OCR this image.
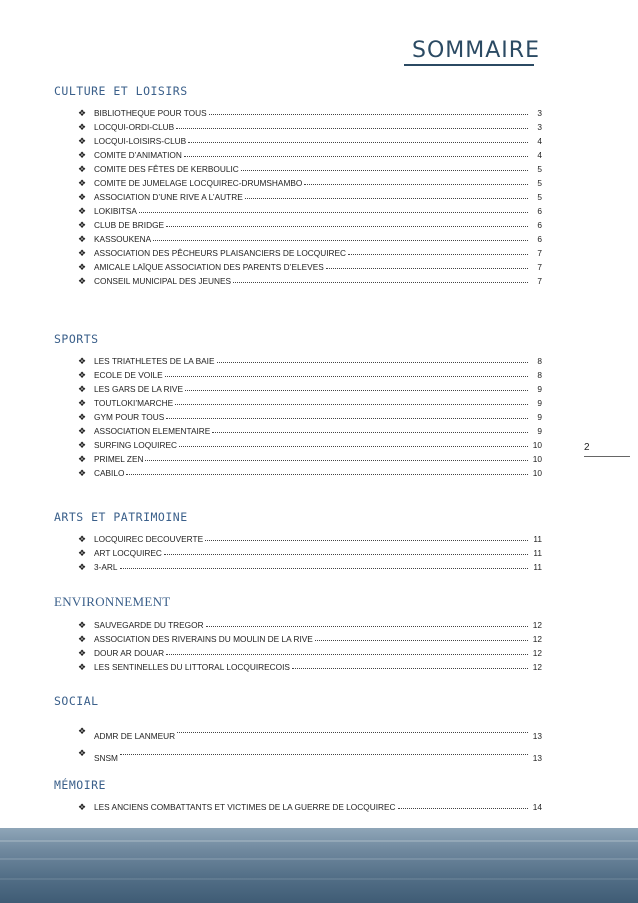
SOMMAIRE
2
CULTURE ET LOISIRS
❖ BIBLIOTHEQUE POUR TOUS	3
❖ LOCQUI-ORDI-CLUB	3
❖ LOCQUI-LOISIRS-CLUB	4
❖ COMITE D’ANIMATION	4
❖ COMITE DES FÊTES DE KERBOULIC	5
❖ COMITE DE JUMELAGE LOCQUIREC-DRUMSHAMBO	5
❖ ASSOCIATION D’UNE RIVE A L’AUTRE	5
❖ LOKIBITSA	6
❖ CLUB DE BRIDGE	6
❖ KASSOUKENA	6
❖ ASSOCIATION DES PÊCHEURS PLAISANCIERS DE LOCQUIREC	7
❖ AMICALE LAÏQUE ASSOCIATION DES PARENTS D’ELEVES	7
❖ CONSEIL MUNICIPAL DES JEUNES	7
SPORTS
❖ LES TRIATHLETES DE LA BAIE	8
❖ ECOLE DE VOILE	8
❖ LES GARS DE LA RIVE	9
❖ TOUTLOKI’MARCHE	9
❖ GYM POUR TOUS	9
❖ ASSOCIATION ELEMENTAIRE	9
❖ SURFING LOQUIREC	10
❖ PRIMEL ZEN	10
❖ CABILO	10
ARTS ET PATRIMOINE
❖ LOCQUIREC DECOUVERTE	11
❖ ART LOCQUIREC	11
❖ 3-ARL	11
ENVIRONNEMENT
❖ SAUVEGARDE DU TREGOR	12
❖ ASSOCIATION DES RIVERAINS DU MOULIN DE LA RIVE	12
❖ DOUR AR DOUAR	12
❖ LES SENTINELLES DU LITTORAL LOCQUIRECOIS	12
SOCIAL
❖ ADMR DE LANMEUR	13
❖ SNSM	13
MÉMOIRE
❖ LES ANCIENS COMBATTANTS ET VICTIMES DE LA GUERRE DE LOCQUIREC	14
